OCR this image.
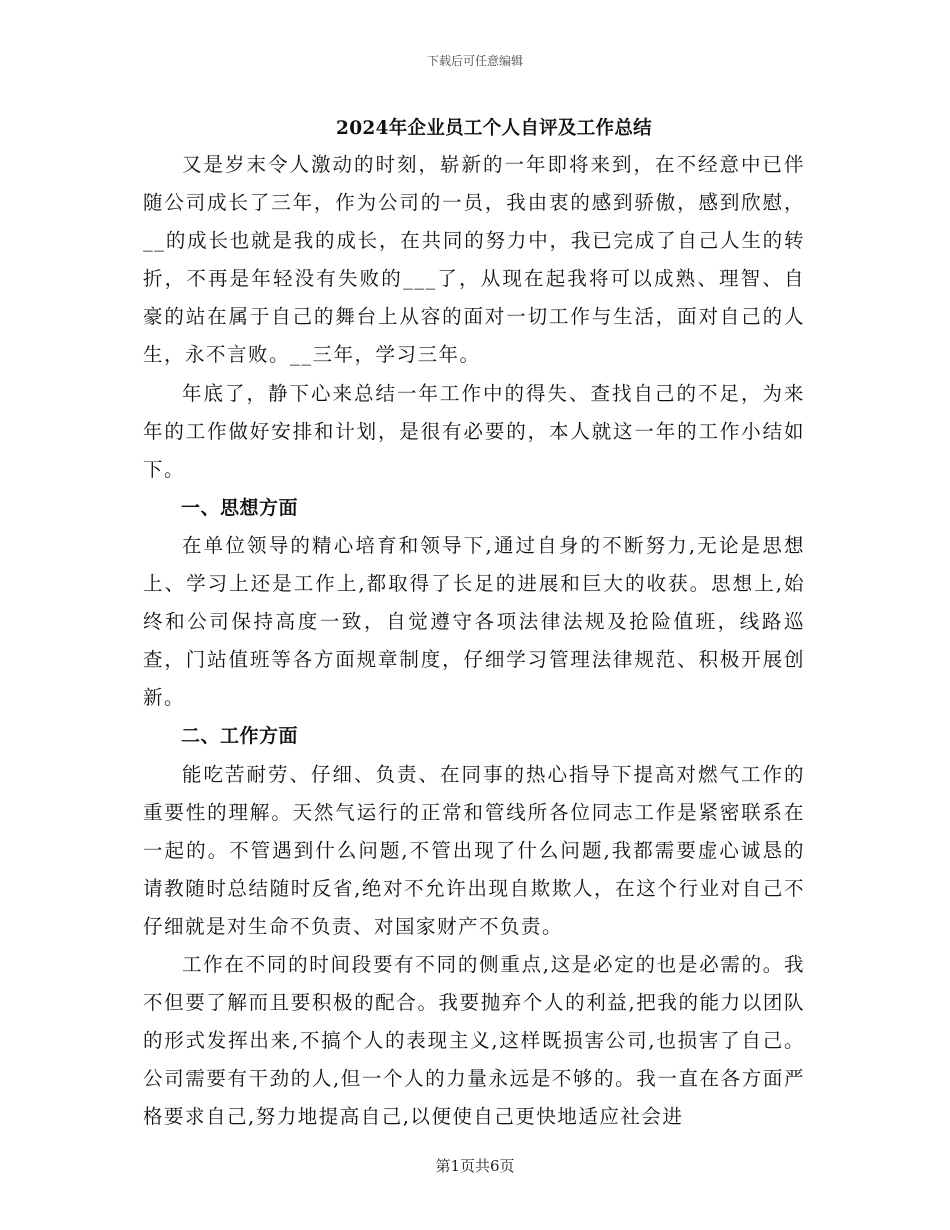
下载后可任意编辑
2024年企业员工个人自评及工作总结

又是岁末令人激动的时刻，崭新的一年即将来到，在不经意中已伴随公司成长了三年，作为公司的一员，我由衷的感到骄傲，感到欣慰，__的成长也就是我的成长，在共同的努力中，我已完成了自己人生的转折，不再是年轻没有失败的___了，从现在起我将可以成熟、理智、自豪的站在属于自己的舞台上从容的面对一切工作与生活，面对自己的人生，永不言败。__三年，学习三年。

年底了，静下心来总结一年工作中的得失、查找自己的不足，为来年的工作做好安排和计划，是很有必要的，本人就这一年的工作小结如下。

一、思想方面

在单位领导的精心培育和领导下,通过自身的不断努力,无论是思想上、学习上还是工作上,都取得了长足的进展和巨大的收获。思想上,始终和公司保持高度一致，自觉遵守各项法律法规及抢险值班，线路巡查，门站值班等各方面规章制度，仔细学习管理法律规范、积极开展创新。

二、工作方面

能吃苦耐劳、仔细、负责、在同事的热心指导下提高对燃气工作的重要性的理解。天然气运行的正常和管线所各位同志工作是紧密联系在一起的。不管遇到什么问题,不管出现了什么问题,我都需要虚心诚恳的请教随时总结随时反省,绝对不允许出现自欺欺人，在这个行业对自己不仔细就是对生命不负责、对国家财产不负责。

工作在不同的时间段要有不同的侧重点,这是必定的也是必需的。我不但要了解而且要积极的配合。我要抛弃个人的利益,把我的能力以团队的形式发挥出来,不搞个人的表现主义,这样既损害公司,也损害了自己。公司需要有干劲的人,但一个人的力量永远是不够的。我一直在各方面严格要求自己,努力地提高自己,以便使自己更快地适应社会进

第1页共6页
